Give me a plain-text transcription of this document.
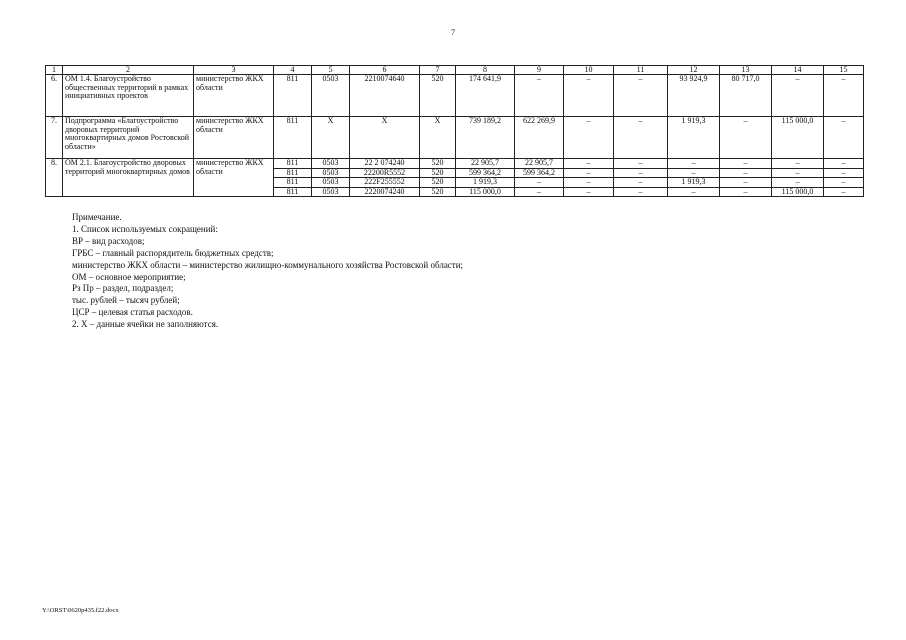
7
1	2	3	4	5	6	7	8	9	10	11	12	13	14	15
6.	ОМ 1.4. Благоустройство общественных территорий в рамках инициативных проектов	министерство ЖКХ области	811	0503	2210074640	520	174 641,9	–	–	–	93 924,9	80 717,0	–	–
7.	Подпрограмма «Благоустройство дворовых территорий многоквартирных домов Ростовской области»	министерство ЖКХ области	811	Х	Х	Х	739 189,2	622 269,9	–	–	1 919,3	–	115 000,0	–
8.	ОМ 2.1. Благоустройство дворовых территорий многоквартирных домов	министерство ЖКХ области	811	0503	22 2 074240	520	22 905,7	22 905,7	–	–	–	–	–	–
			811	0503	22200R5552	520	599 364,2	599 364,2	–	–	–	–	–	–
			811	0503	222F255552	520	1 919,3	–	–	–	1 919,3	–	–	–
			811	0503	2220074240	520	115 000,0	–	–	–	–	–	115 000,0	–
Примечание.
1. Список используемых сокращений:
ВР – вид расходов;
ГРБС – главный распорядитель бюджетных средств;
министерство ЖКХ области – министерство жилищно-коммунального хозяйства Ростовской области;
ОМ – основное мероприятие;
Рз Пр – раздел, подраздел;
тыс. рублей – тысяч рублей;
ЦСР – целевая статья расходов.
2. Х – данные ячейки не заполняются.
Y:\ORST\0620p435.f22.docx
